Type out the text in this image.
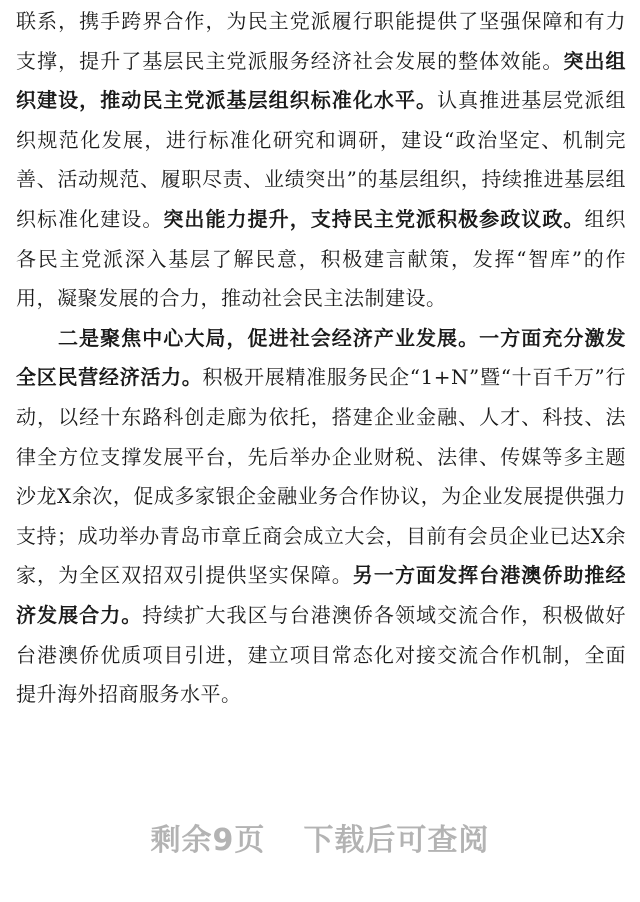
联系，携手跨界合作，为民主党派履行职能提供了坚强保障和有力支撑，提升了基层民主党派服务经济社会发展的整体效能。突出组织建设，推动民主党派基层组织标准化水平。认真推进基层党派组织规范化发展，进行标准化研究和调研，建设“政治坚定、机制完善、活动规范、履职尽责、业绩突出”的基层组织，持续推进基层组织标准化建设。突出能力提升，支持民主党派积极参政议政。组织各民主党派深入基层了解民意，积极建言献策，发挥“智库”的作用，凝聚发展的合力，推动社会民主法制建设。

二是聚焦中心大局，促进社会经济产业发展。一方面充分激发全区民营经济活力。积极开展精准服务民企“1+N”暨“十百千万”行动，以经十东路科创走廊为依托，搭建企业金融、人才、科技、法律全方位支撑发展平台，先后举办企业财税、法律、传媒等多主题沙龙X余次，促成多家银企金融业务合作协议，为企业发展提供强力支持；成功举办青岛市章丘商会成立大会，目前有会员企业已达X余家，为全区双招双引提供坚实保障。另一方面发挥台港澳侨助推经济发展合力。持续扩大我区与台港澳侨各领域交流合作，积极做好台港澳侨优质项目引进，建立项目常态化对接交流合作机制，全面提升海外招商服务水平。

剩余9页 下载后可查阅
